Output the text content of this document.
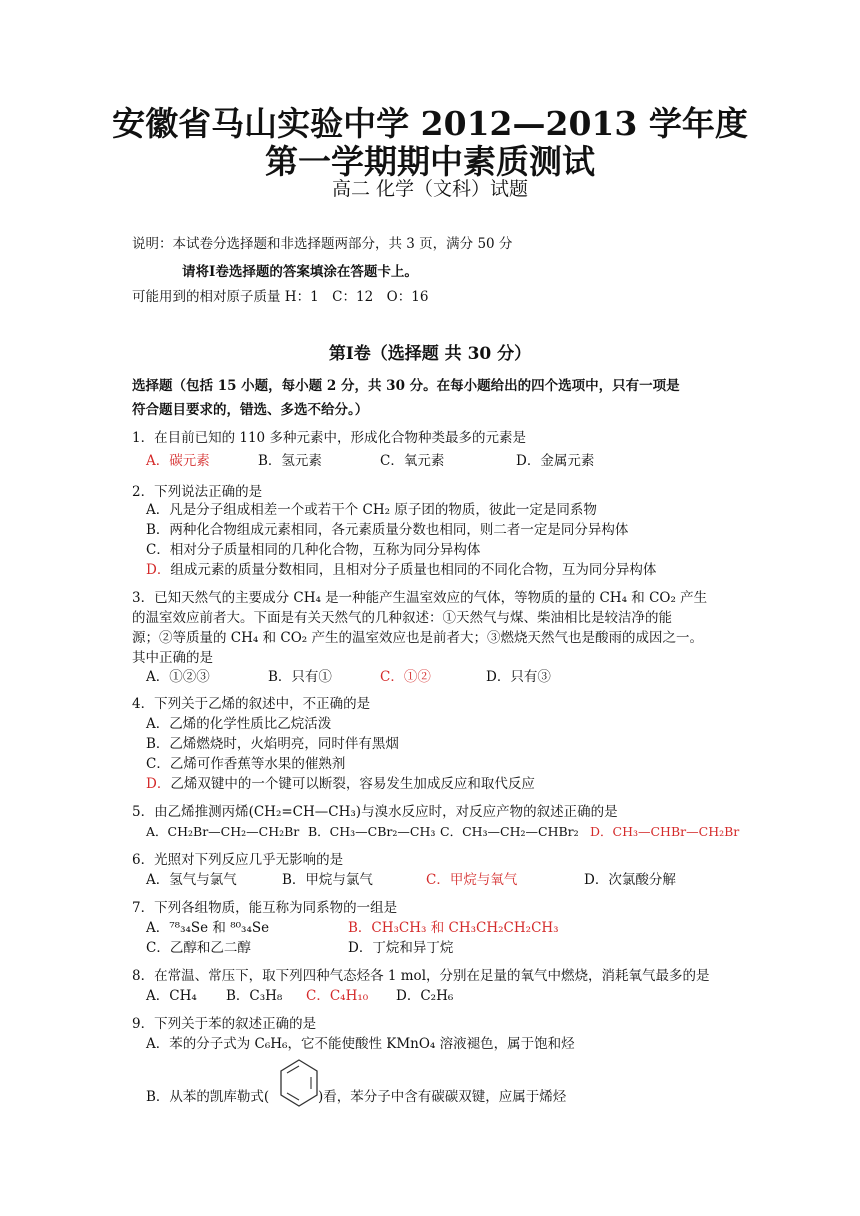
安徽省马山实验中学 2012—2013 学年度
第一学期期中素质测试
高二 化学（文科）试题
说明：本试卷分选择题和非选择题两部分，共 3 页，满分 50 分
请将Ⅰ卷选择题的答案填涂在答题卡上。
可能用到的相对原子质量 H：1　C：12　O：16
第Ⅰ卷（选择题 共 30 分）
选择题（包括 15 小题，每小题 2 分，共 30 分。在每小题给出的四个选项中，只有一项是
符合题目要求的，错选、多选不给分。）
1．在目前已知的 110 多种元素中，形成化合物种类最多的元素是
A．碳元素	B．氢元素	C．氧元素	D．金属元素
2．下列说法正确的是
A．凡是分子组成相差一个或若干个 CH₂ 原子团的物质，彼此一定是同系物
B．两种化合物组成元素相同，各元素质量分数也相同，则二者一定是同分异构体
C．相对分子质量相同的几种化合物，互称为同分异构体
D．组成元素的质量分数相同，且相对分子质量也相同的不同化合物，互为同分异构体
3．已知天然气的主要成分 CH₄ 是一种能产生温室效应的气体，等物质的量的 CH₄ 和 CO₂ 产生
的温室效应前者大。下面是有关天然气的几种叙述：①天然气与煤、柴油相比是较洁净的能
源；②等质量的 CH₄ 和 CO₂ 产生的温室效应也是前者大；③燃烧天然气也是酸雨的成因之一。
其中正确的是
A．①②③	B．只有①	C．①②	D．只有③
4．下列关于乙烯的叙述中，不正确的是
A．乙烯的化学性质比乙烷活泼
B．乙烯燃烧时，火焰明亮，同时伴有黑烟
C．乙烯可作香蕉等水果的催熟剂
D．乙烯双键中的一个键可以断裂，容易发生加成反应和取代反应
5．由乙烯推测丙烯(CH₂=CH—CH₃)与溴水反应时，对反应产物的叙述正确的是
A．CH₂Br—CH₂—CH₂Br B．CH₃—CBr₂—CH₃ C．CH₃—CH₂—CHBr₂ D．CH₃—CHBr—CH₂Br
6．光照对下列反应几乎无影响的是
A．氢气与氯气	B．甲烷与氯气	C．甲烷与氧气	D．次氯酸分解
7．下列各组物质，能互称为同系物的一组是
A．⁷⁸₃₄Se 和 ⁸⁰₃₄Se	B．CH₃CH₃ 和 CH₃CH₂CH₂CH₃
C．乙醇和乙二醇	D．丁烷和异丁烷
8．在常温、常压下，取下列四种气态烃各 1 mol，分别在足量的氧气中燃烧，消耗氧气最多的是
A．CH₄ B．C₃H₈ C．C₄H₁₀ D．C₂H₆
9．下列关于苯的叙述正确的是
A．苯的分子式为 C₆H₆，它不能使酸性 KMnO₄ 溶液褪色，属于饱和烃
B．从苯的凯库勒式(	)看，苯分子中含有碳碳双键，应属于烯烃
